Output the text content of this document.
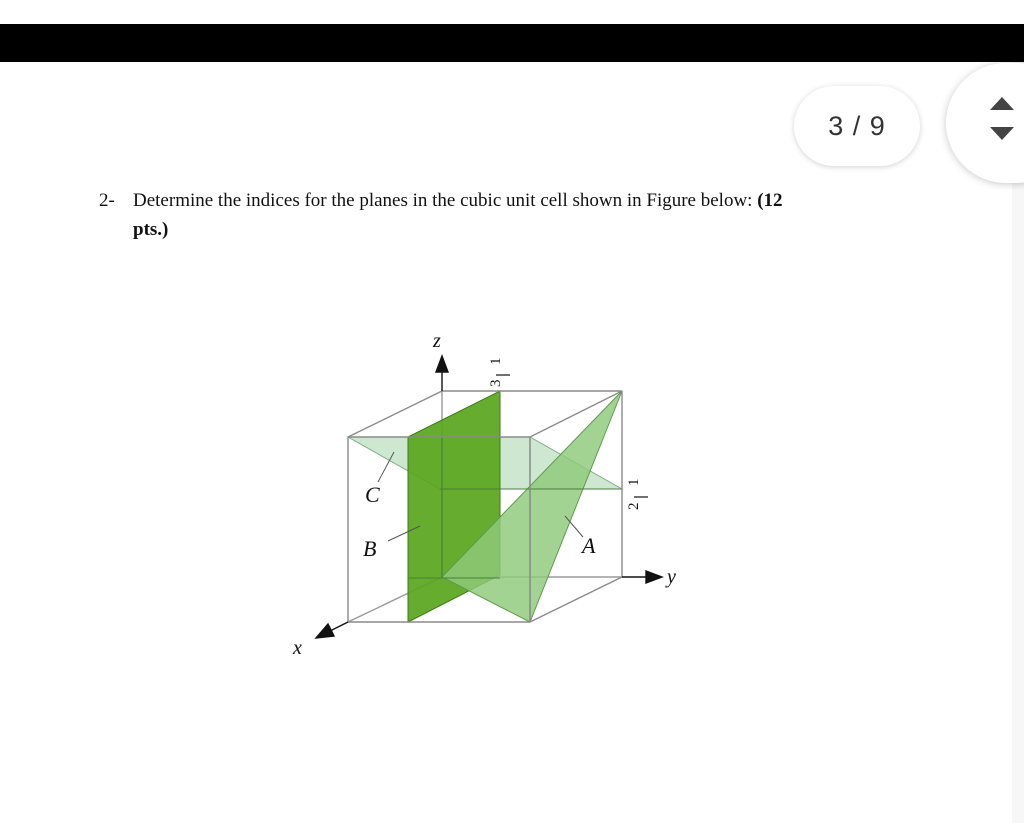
3 / 9
2- Determine the indices for the planes in the cubic unit cell shown in Figure below: (12
pts.)
z
y
x
3
1
2
1
C
B	A
